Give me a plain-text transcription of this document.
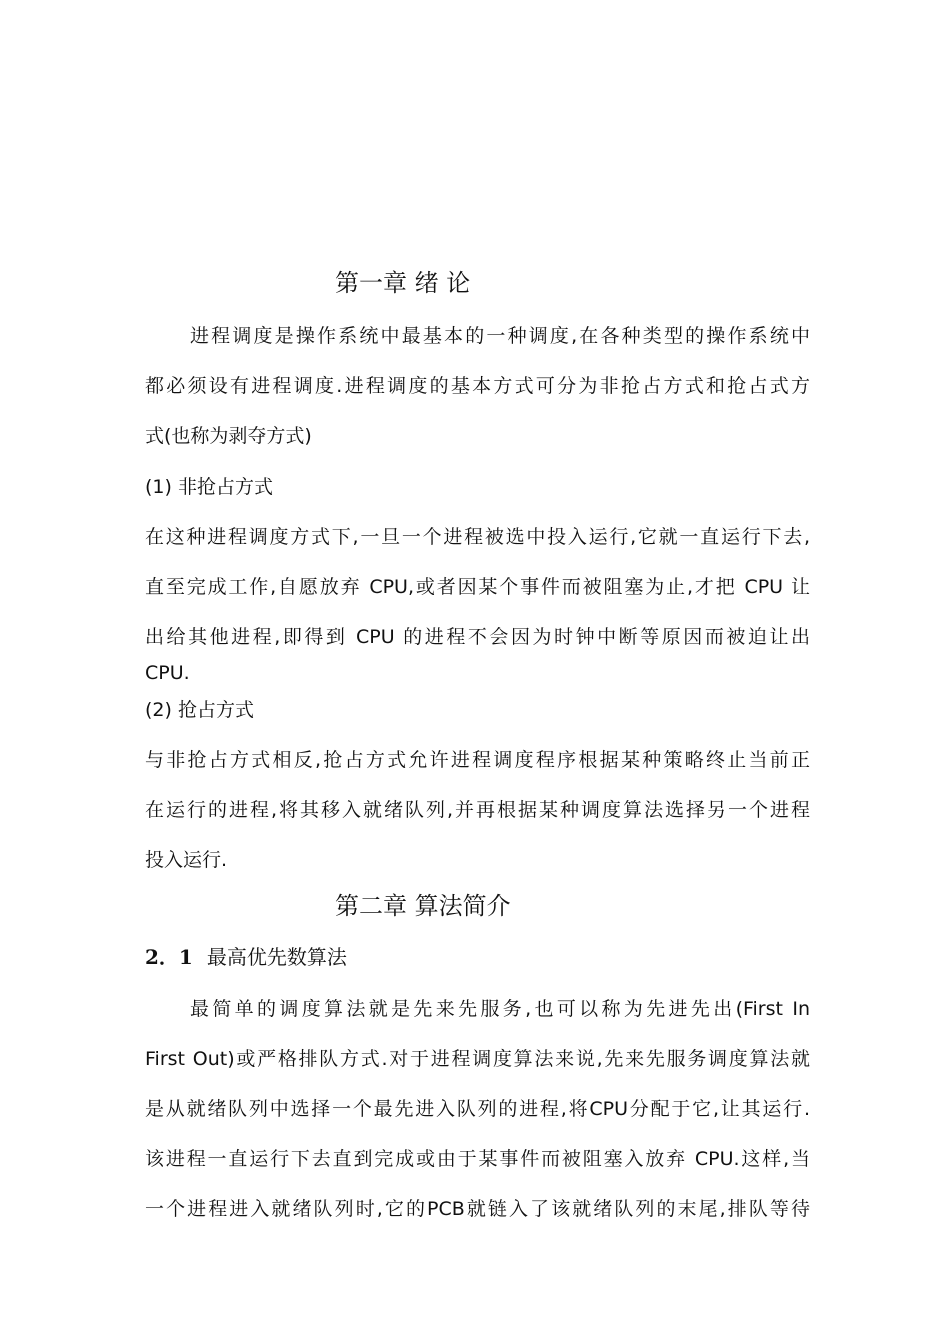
第一章 绪 论
进程调度是操作系统中最基本的一种调度,在各种类型的操作系统中
都必须设有进程调度.进程调度的基本方式可分为非抢占方式和抢占式方
式(也称为剥夺方式)
(1) 非抢占方式
在这种进程调度方式下,一旦一个进程被选中投入运行,它就一直运行下去,
直至完成工作,自愿放弃 CPU,或者因某个事件而被阻塞为止,才把 CPU 让
出给其他进程,即得到 CPU 的进程不会因为时钟中断等原因而被迫让出
CPU.
(2) 抢占方式
与非抢占方式相反,抢占方式允许进程调度程序根据某种策略终止当前正
在运行的进程,将其移入就绪队列,并再根据某种调度算法选择另一个进程
投入运行.
第二章 算法简介
2．1 最高优先数算法
最简单的调度算法就是先来先服务,也可以称为先进先出(First In
First Out)或严格排队方式.对于进程调度算法来说,先来先服务调度算法就
是从就绪队列中选择一个最先进入队列的进程,将CPU分配于它,让其运行.
该进程一直运行下去直到完成或由于某事件而被阻塞入放弃 CPU.这样,当
一个进程进入就绪队列时,它的PCB就链入了该就绪队列的末尾,排队等待
